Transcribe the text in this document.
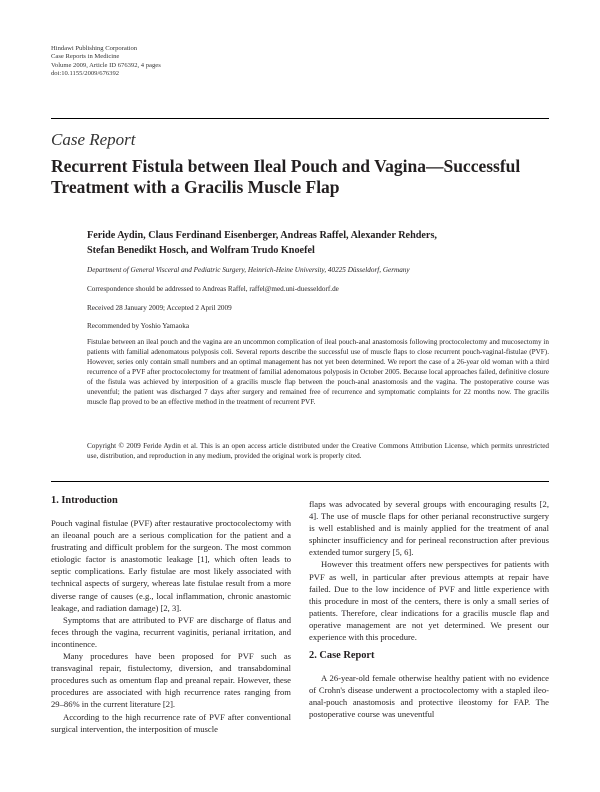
Hindawi Publishing Corporation
Case Reports in Medicine
Volume 2009, Article ID 676392, 4 pages
doi:10.1155/2009/676392
Case Report
Recurrent Fistula between Ileal Pouch and Vagina—Successful Treatment with a Gracilis Muscle Flap
Feride Aydin, Claus Ferdinand Eisenberger, Andreas Raffel, Alexander Rehders,
Stefan Benedikt Hosch, and Wolfram Trudo Knoefel
Department of General Visceral and Pediatric Surgery, Heinrich-Heine University, 40225 Düsseldorf, Germany
Correspondence should be addressed to Andreas Raffel, raffel@med.uni-duesseldorf.de
Received 28 January 2009; Accepted 2 April 2009
Recommended by Yoshio Yamaoka
Fistulae between an ileal pouch and the vagina are an uncommon complication of ileal pouch-anal anastomosis following proctocolectomy and mucosectomy in patients with familial adenomatous polyposis coli. Several reports describe the successful use of muscle flaps to close recurrent pouch-vaginal-fistulae (PVF). However, series only contain small numbers and an optimal management has not yet been determined. We report the case of a 26-year old woman with a third recurrence of a PVF after proctocolectomy for treatment of familial adenomatous polyposis in October 2005. Because local approaches failed, definitive closure of the fistula was achieved by interposition of a gracilis muscle flap between the pouch-anal anastomosis and the vagina. The postoperative course was uneventful; the patient was discharged 7 days after surgery and remained free of recurrence and symptomatic complaints for 22 months now. The gracilis muscle flap proved to be an effective method in the treatment of recurrent PVF.
Copyright © 2009 Feride Aydin et al. This is an open access article distributed under the Creative Commons Attribution License, which permits unrestricted use, distribution, and reproduction in any medium, provided the original work is properly cited.
1. Introduction

Pouch vaginal fistulae (PVF) after restaurative proctocolectomy with an ileoanal pouch are a serious complication for the patient and a frustrating and difficult problem for the surgeon. The most common etiologic factor is anastomotic leakage [1], which often leads to septic complications. Early fistulae are most likely associated with technical aspects of surgery, whereas late fistulae result from a more diverse range of causes (e.g., local inflammation, chronic anastomic leakage, and radiation damage) [2, 3].

Symptoms that are attributed to PVF are discharge of flatus and feces through the vagina, recurrent vaginitis, perianal irritation, and incontinence.

Many procedures have been proposed for PVF such as transvaginal repair, fistulectomy, diversion, and transabdominal procedures such as omentum flap and preanal repair. However, these procedures are associated with high recurrence rates ranging from 29–86% in the current literature [2].

According to the high recurrence rate of PVF after conventional surgical intervention, the interposition of muscle

flaps was advocated by several groups with encouraging results [2, 4]. The use of muscle flaps for other perianal reconstructive surgery is well established and is mainly applied for the treatment of anal sphincter insufficiency and for perineal reconstruction after previous extended tumor surgery [5, 6].

However this treatment offers new perspectives for patients with PVF as well, in particular after previous attempts at repair have failed. Due to the low incidence of PVF and little experience with this procedure in most of the centers, there is only a small series of patients. Therefore, clear indications for a gracilis muscle flap and operative management are not yet determined. We present our experience with this procedure.

2. Case Report

A 26-year-old female otherwise healthy patient with no evidence of Crohn's disease underwent a proctocolectomy with a stapled ileo-anal-pouch anastomosis and protective ileostomy for FAP. The postoperative course was uneventful
